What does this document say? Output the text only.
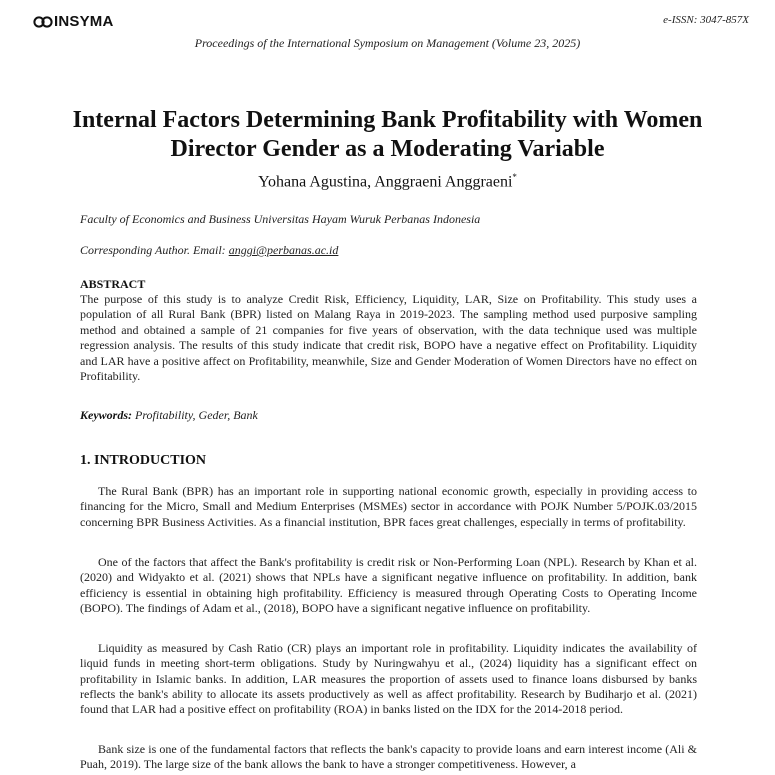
INSYMA	e-ISSN: 3047-857X
Proceedings of the International Symposium on Management (Volume 23, 2025)
Internal Factors Determining Bank Profitability with Women Director Gender as a Moderating Variable
Yohana Agustina, Anggraeni Anggraeni*
Faculty of Economics and Business Universitas Hayam Wuruk Perbanas Indonesia
Corresponding Author. Email: anggi@perbanas.ac.id
ABSTRACT

The purpose of this study is to analyze Credit Risk, Efficiency, Liquidity, LAR, Size on Profitability. This study uses a population of all Rural Bank (BPR) listed on Malang Raya in 2019-2023. The sampling method used purposive sampling method and obtained a sample of 21 companies for five years of observation, with the data technique used was multiple regression analysis. The results of this study indicate that credit risk, BOPO have a negative effect on Profitability. Liquidity and LAR have a positive affect on Profitability, meanwhile, Size and Gender Moderation of Women Directors have no effect on Profitability.

Keywords: Profitability, Geder, Bank
1. INTRODUCTION

The Rural Bank (BPR) has an important role in supporting national economic growth, especially in providing access to financing for the Micro, Small and Medium Enterprises (MSMEs) sector in accordance with POJK Number 5/POJK.03/2015 concerning BPR Business Activities. As a financial institution, BPR faces great challenges, especially in terms of profitability.

One of the factors that affect the Bank's profitability is credit risk or Non-Performing Loan (NPL). Research by Khan et al. (2020) and Widyakto et al. (2021) shows that NPLs have a significant negative influence on profitability. In addition, bank efficiency is essential in obtaining high profitability. Efficiency is measured through Operating Costs to Operating Income (BOPO). The findings of Adam et al., (2018), BOPO have a significant negative influence on profitability.

Liquidity as measured by Cash Ratio (CR) plays an important role in profitability. Liquidity indicates the availability of liquid funds in meeting short-term obligations. Study by Nuringwahyu et al., (2024) liquidity has a significant effect on profitability in Islamic banks. In addition, LAR measures the proportion of assets used to finance loans disbursed by banks reflects the bank's ability to allocate its assets productively as well as affect profitability. Research by Budiharjo et al. (2021) found that LAR had a positive effect on profitability (ROA) in banks listed on the IDX for the 2014-2018 period.

Bank size is one of the fundamental factors that reflects the bank's capacity to provide loans and earn interest income (Ali & Puah, 2019). The large size of the bank allows the bank to have a stronger competitiveness. However, a
